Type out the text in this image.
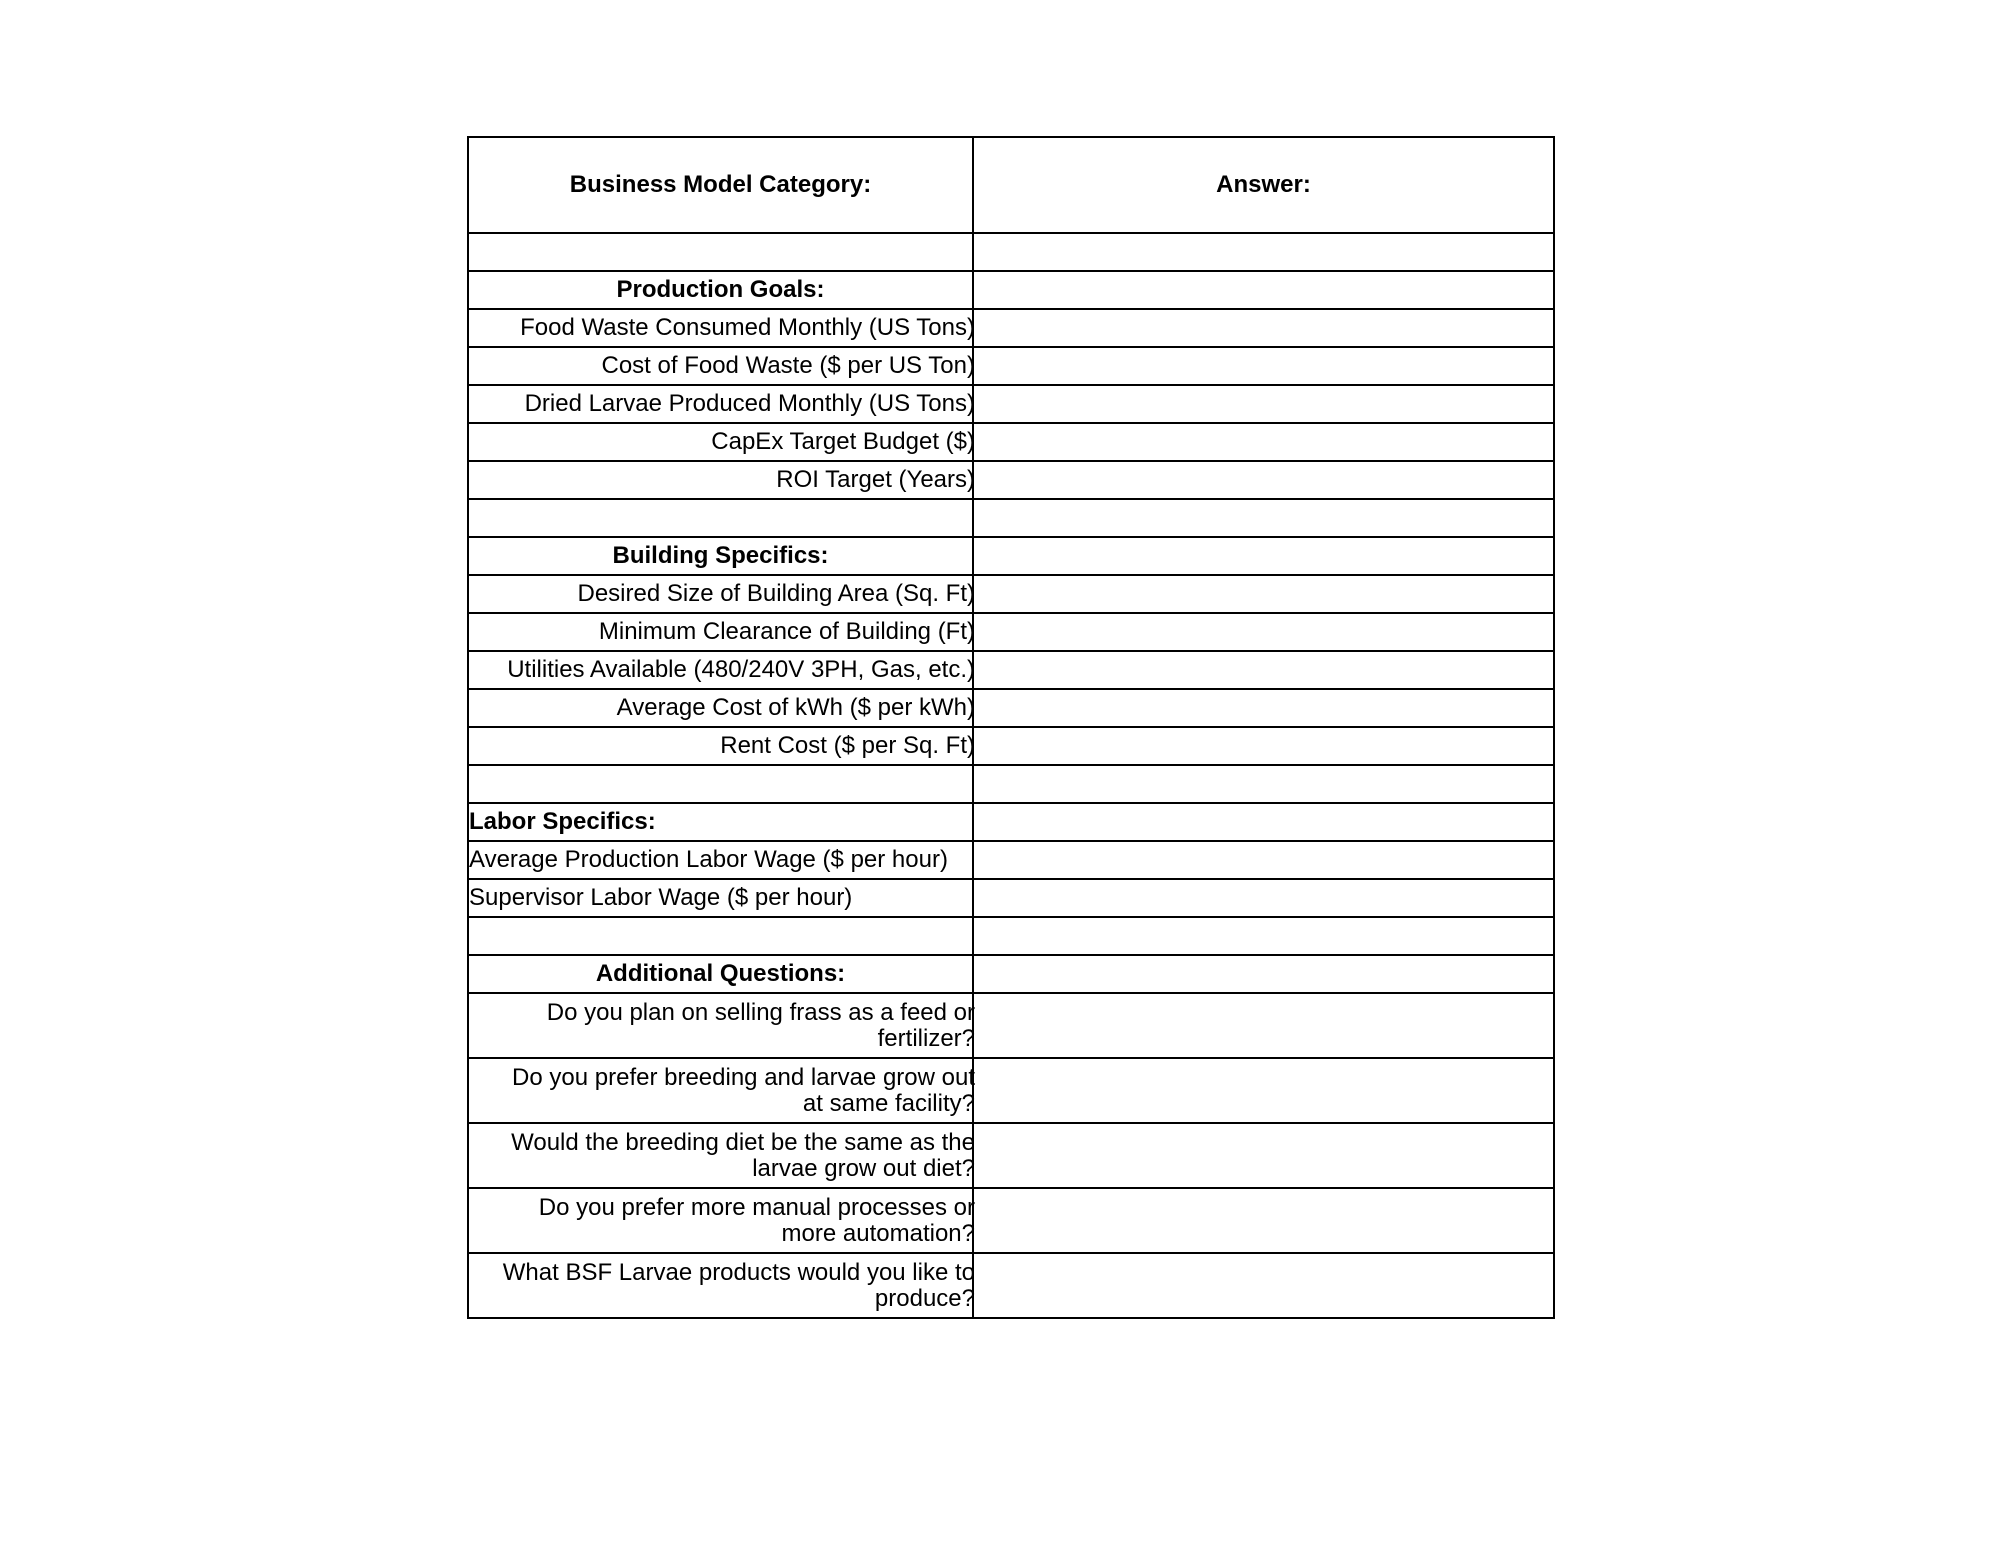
Business Model Category:	Answer:

Production Goals:	
Food Waste Consumed Monthly (US Tons)	
Cost of Food Waste ($ per US Ton)	
Dried Larvae Produced Monthly (US Tons)	
CapEx Target Budget ($)	
ROI Target (Years)	

Building Specifics:	
Desired Size of Building Area (Sq. Ft)	
Minimum Clearance of Building (Ft)	
Utilities Available (480/240V 3PH, Gas, etc.)	
Average Cost of kWh ($ per kWh)	
Rent Cost ($ per Sq. Ft)	

Labor Specifics:	
Average Production Labor Wage ($ per hour)	
Supervisor Labor Wage ($ per hour)	

Additional Questions:	

Do you plan on selling frass as a feed or
fertilizer?	

Do you prefer breeding and larvae grow out
at same facility?	

Would the breeding diet be the same as the
larvae grow out diet?	

Do you prefer more manual processes or
more automation?	

What BSF Larvae products would you like to
produce?	
